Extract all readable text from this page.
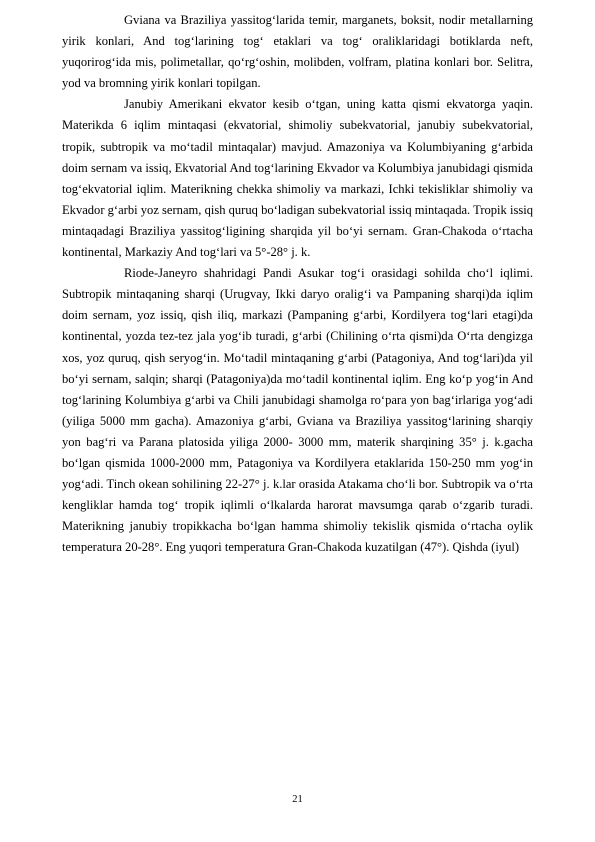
Gviana va Braziliya yassitog‘larida temir, marganets, boksit, nodir metallarning yirik konlari, And tog‘larining tog‘ etaklari va tog‘ oraliklaridagi botiklarda neft, yuqorirog‘ida mis, polimetallar, qo‘rg‘oshin, molibden, volfram, platina konlari bor. Selitra, yod va bromning yirik konlari topilgan.

Janubiy Amerikani ekvator kesib o‘tgan, uning katta qismi ekvatorga yaqin. Materikda 6 iqlim mintaqasi (ekvatorial, shimoliy subekvatorial, janubiy subekvatorial, tropik, subtropik va mo‘tadil mintaqalar) mavjud. Amazoniya va Kolumbiyaning g‘arbida doim sernam va issiq, Ekvatorial And tog‘larining Ekvador va Kolumbiya janubidagi qismida tog‘ekvatorial iqlim. Materikning chekka shimoliy va markazi, Ichki tekisliklar shimoliy va Ekvador g‘arbi yoz sernam, qish quruq bo‘ladigan subekvatorial issiq mintaqada. Tropik issiq mintaqadagi Braziliya yassitog‘ligining sharqida yil bo‘yi sernam. Gran-Chakoda o‘rtacha kontinental, Markaziy And tog‘lari va 5°-28° j. k.

Riode-Janeyro shahridagi Pandi Asukar tog‘i orasidagi sohilda cho‘l iqlimi. Subtropik mintaqaning sharqi (Urugvay, Ikki daryo oralig‘i va Pampaning sharqi)da iqlim doim sernam, yoz issiq, qish iliq, markazi (Pampaning g‘arbi, Kordilyera tog‘lari etagi)da kontinental, yozda tez-tez jala yog‘ib turadi, g‘arbi (Chilining o‘rta qismi)da O‘rta dengizga xos, yoz quruq, qish seryog‘in. Mo‘tadil mintaqaning g‘arbi (Patagoniya, And tog‘lari)da yil bo‘yi sernam, salqin; sharqi (Patagoniya)da mo‘tadil kontinental iqlim. Eng ko‘p yog‘in And tog‘larining Kolumbiya g‘arbi va Chili janubidagi shamolga ro‘para yon bag‘irlariga yog‘adi (yiliga 5000 mm gacha). Amazoniya g‘arbi, Gviana va Braziliya yassitog‘larining sharqiy yon bag‘ri va Parana platosida yiliga 2000- 3000 mm, materik sharqining 35° j. k.gacha bo‘lgan qismida 1000-2000 mm, Patagoniya va Kordilyera etaklarida 150-250 mm yog‘in yog‘adi. Tinch okean sohilining 22-27° j. k.lar orasida Atakama cho‘li bor. Subtropik va o‘rta kengliklar hamda tog‘ tropik iqlimli o‘lkalarda harorat mavsumga qarab o‘zgarib turadi. Materikning janubiy tropikkacha bo‘lgan hamma shimoliy tekislik qismida o‘rtacha oylik temperatura 20-28°. Eng yuqori temperatura Gran-Chakoda kuzatilgan (47°). Qishda (iyul)

21
